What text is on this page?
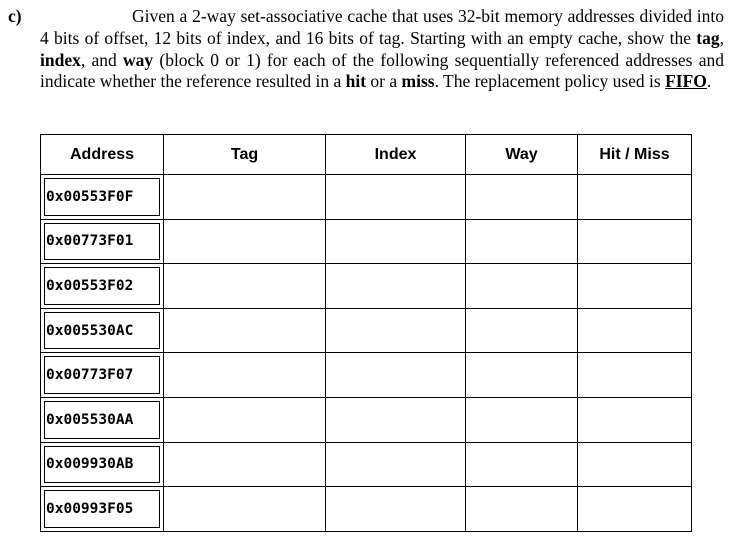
c)	Given a 2-way set-associative cache that uses 32-bit memory addresses divided into 4 bits of offset, 12 bits of index, and 16 bits of tag. Starting with an empty cache, show the tag, index, and way (block 0 or 1) for each of the following sequentially referenced addresses and indicate whether the reference resulted in a hit or a miss. The replacement policy used is FIFO.
Address	Tag	Index	Way	Hit / Miss
0x00553F0F				
0x00773F01				
0x00553F02				
0x005530AC				
0x00773F07				
0x005530AA				
0x009930AB				
0x00993F05				
